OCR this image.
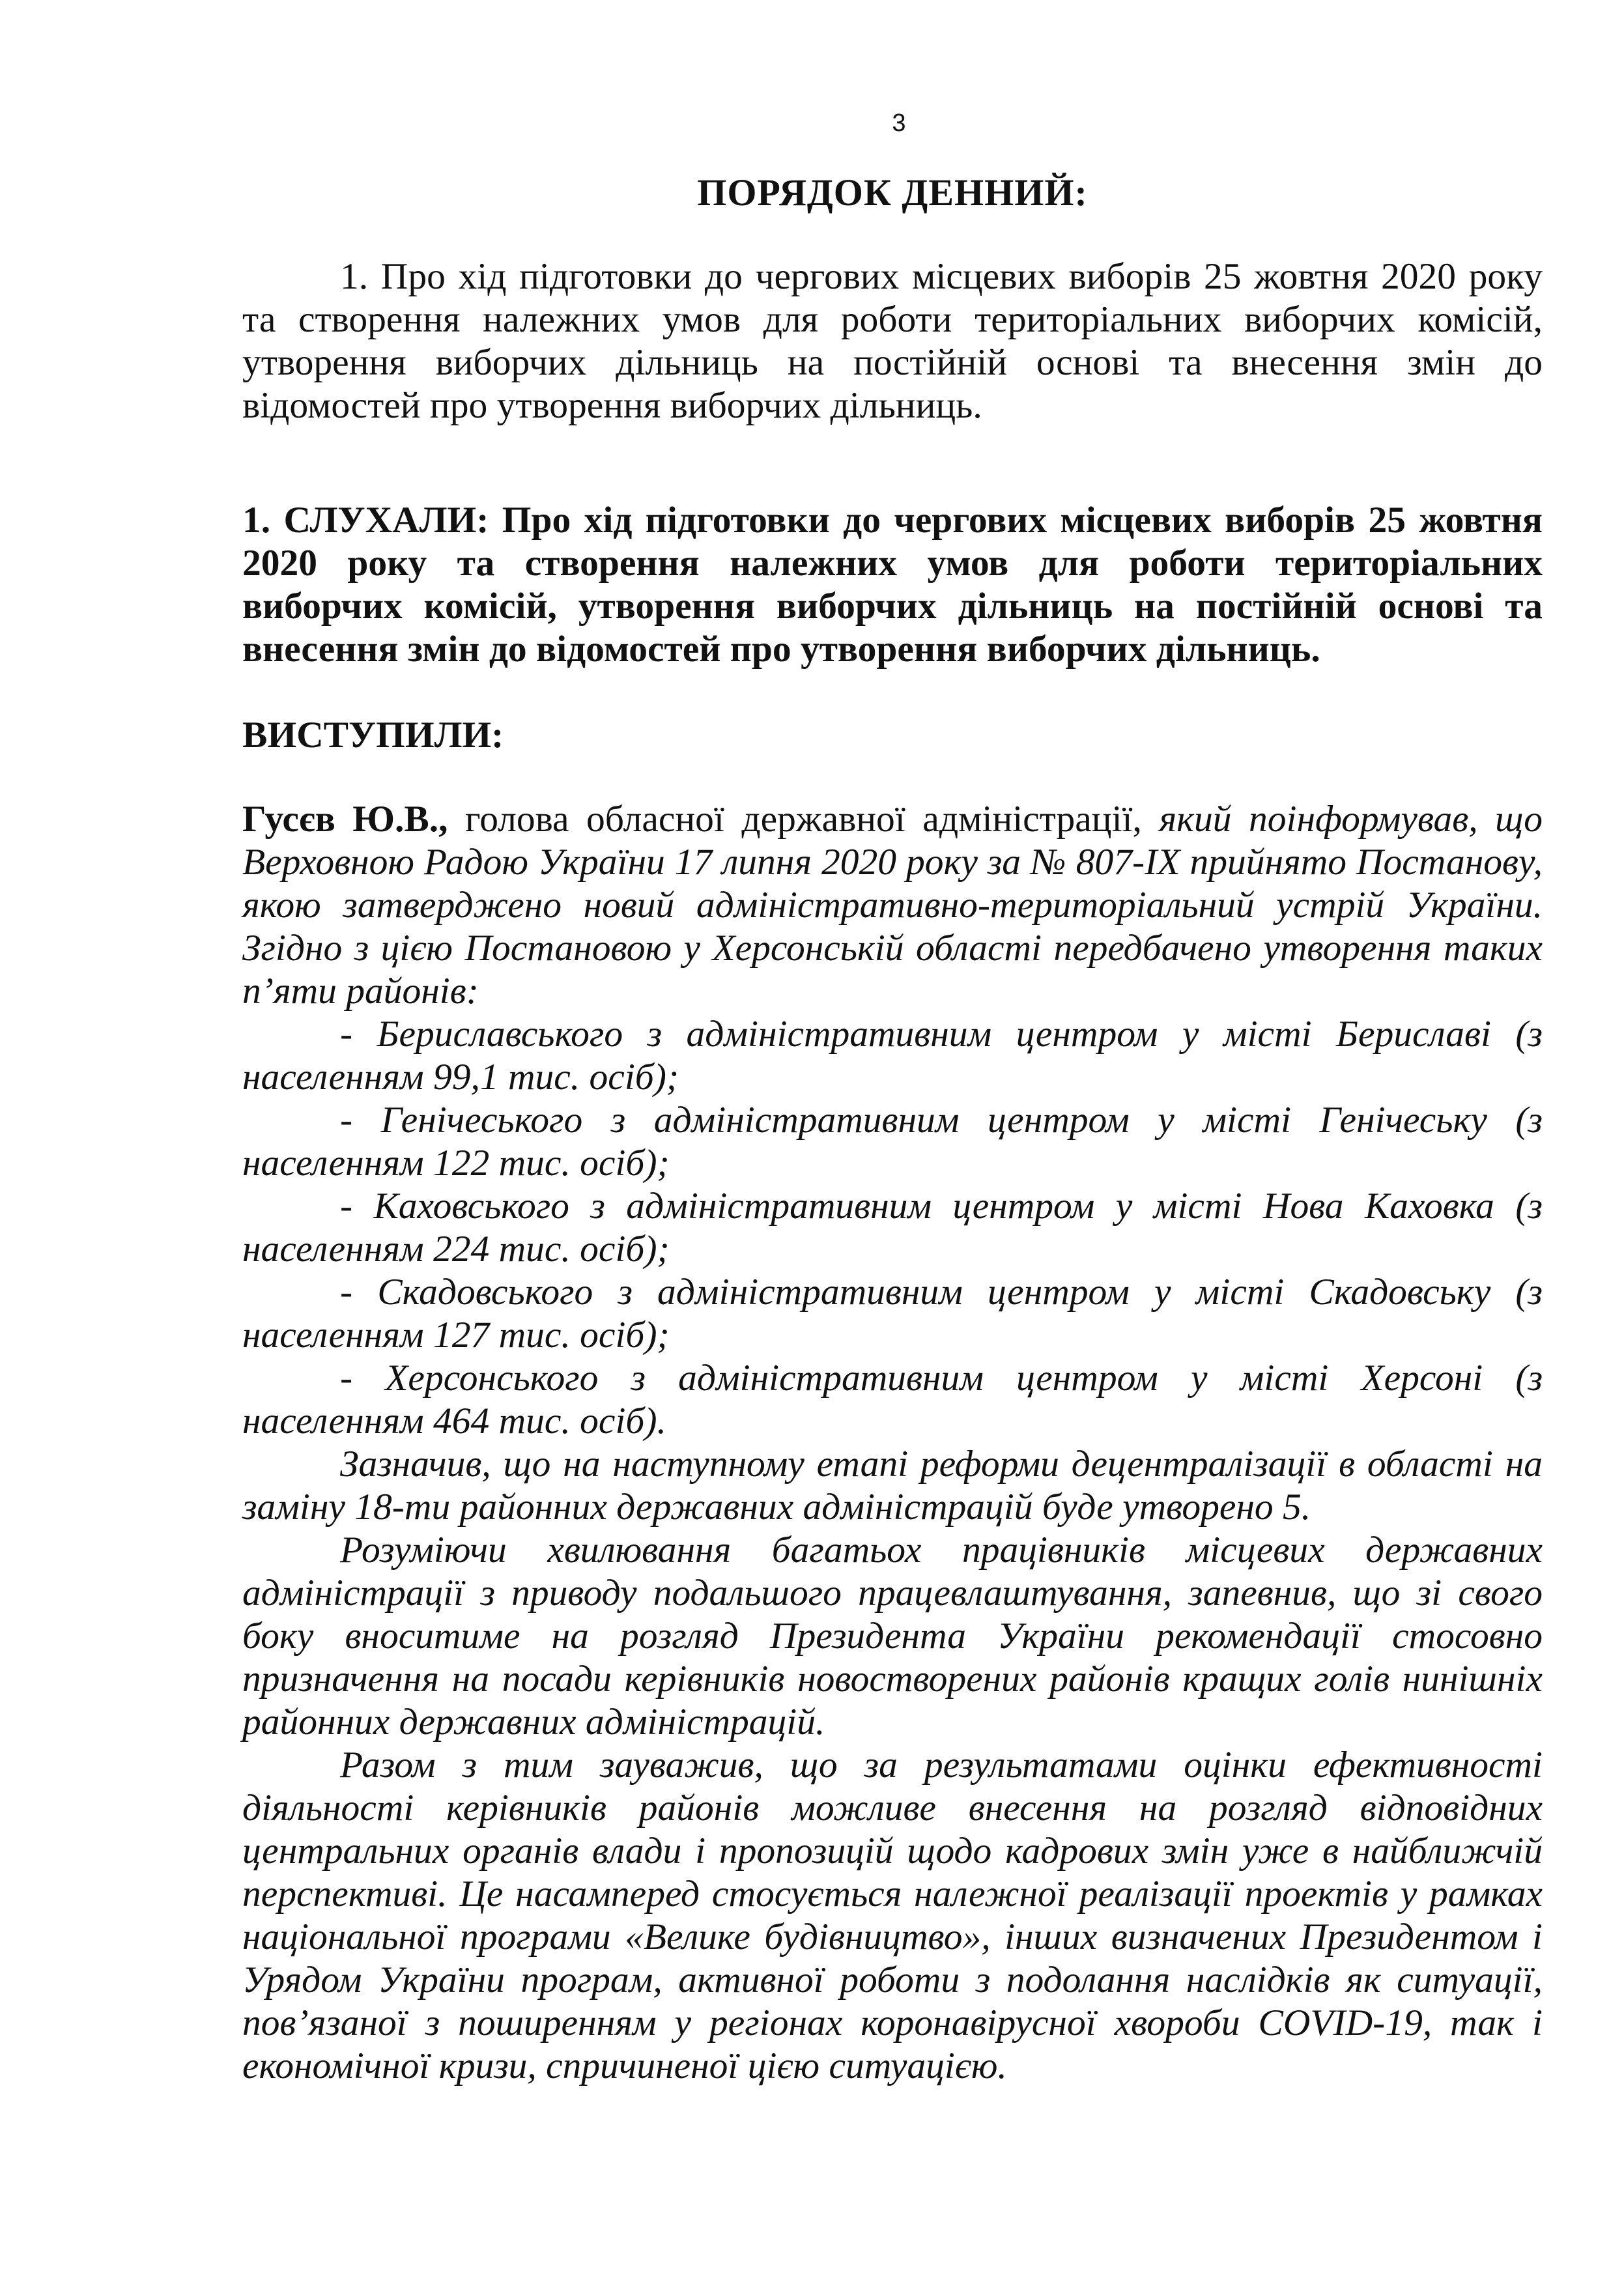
3
ПОРЯДОК ДЕННИЙ:

1. Про хід підготовки до чергових місцевих виборів 25 жовтня 2020 року та створення належних умов для роботи територіальних виборчих комісій, утворення виборчих дільниць на постійній основі та внесення змін до відомостей про утворення виборчих дільниць.

1. СЛУХАЛИ: Про хід підготовки до чергових місцевих виборів 25 жовтня 2020 року та створення належних умов для роботи територіальних виборчих комісій, утворення виборчих дільниць на постійній основі та внесення змін до відомостей про утворення виборчих дільниць.

ВИСТУПИЛИ:

Гусєв Ю.В., голова обласної державної адміністрації, який поінформував, що Верховною Радою України 17 липня 2020 року за № 807-IX прийнято Постанову, якою затверджено новий адміністративно-територіальний устрій України. Згідно з цією Постановою у Херсонській області передбачено утворення таких п’яти районів:

- Бериславського з адміністративним центром у місті Бериславі (з населенням 99,1 тис. осіб);

- Генічеського з адміністративним центром у місті Генічеську (з населенням 122 тис. осіб);

- Каховського з адміністративним центром у місті Нова Каховка (з населенням 224 тис. осіб);

- Скадовського з адміністративним центром у місті Скадовську (з населенням 127 тис. осіб);

- Херсонського з адміністративним центром у місті Херсоні (з населенням 464 тис. осіб).

Зазначив, що на наступному етапі реформи децентралізації в області на заміну 18-ти районних державних адміністрацій буде утворено 5.

Розуміючи хвилювання багатьох працівників місцевих державних адміністрації з приводу подальшого працевлаштування, запевнив, що зі свого боку вноситиме на розгляд Президента України рекомендації стосовно призначення на посади керівників новостворених районів кращих голів нинішніх районних державних адміністрацій.

Разом з тим зауважив, що за результатами оцінки ефективності діяльності керівників районів можливе внесення на розгляд відповідних центральних органів влади і пропозицій щодо кадрових змін уже в найближчій перспективі. Це насамперед стосується належної реалізації проектів у рамках національної програми «Велике будівництво», інших визначених Президентом і Урядом України програм, активної роботи з подолання наслідків як ситуації, пов’язаної з поширенням у регіонах коронавірусної хвороби COVID-19, так і економічної кризи, спричиненої цією ситуацією.
